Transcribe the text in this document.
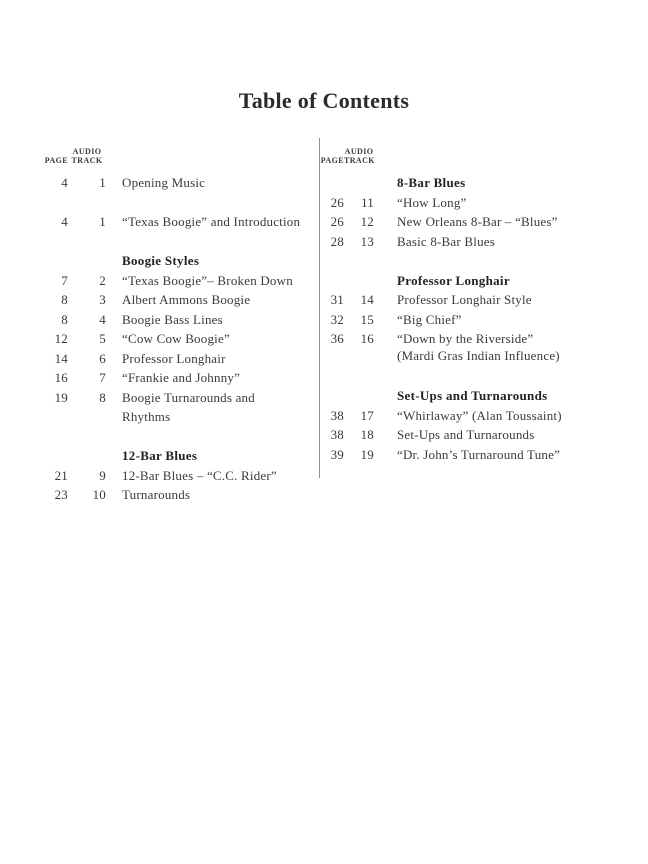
Table of Contents
PAGE
AUDIO
TRACK
4	1	Opening Music
4	1	“Texas Boogie” and Introduction
Boogie Styles
7	2	“Texas Boogie”– Broken Down
8	3	Albert Ammons Boogie
8	4	Boogie Bass Lines
12	5	“Cow Cow Boogie”
14	6	Professor Longhair
16	7	“Frankie and Johnny”
19	8	Boogie Turnarounds and Rhythms
12-Bar Blues
21	9	12-Bar Blues – “C.C. Rider”
23	10	Turnarounds
PAGE
AUDIO
TRACK
8-Bar Blues
26	11	“How Long”
26	12	New Orleans 8-Bar – “Blues”
28	13	Basic 8-Bar Blues
Professor Longhair
31	14	Professor Longhair Style
32	15	“Big Chief”
36	16	“Down by the Riverside”
(Mardi Gras Indian Influence)
Set-Ups and Turnarounds
38	17	“Whirlaway” (Alan Toussaint)
38	18	Set-Ups and Turnarounds
39	19	“Dr. John’s Turnaround Tune”
